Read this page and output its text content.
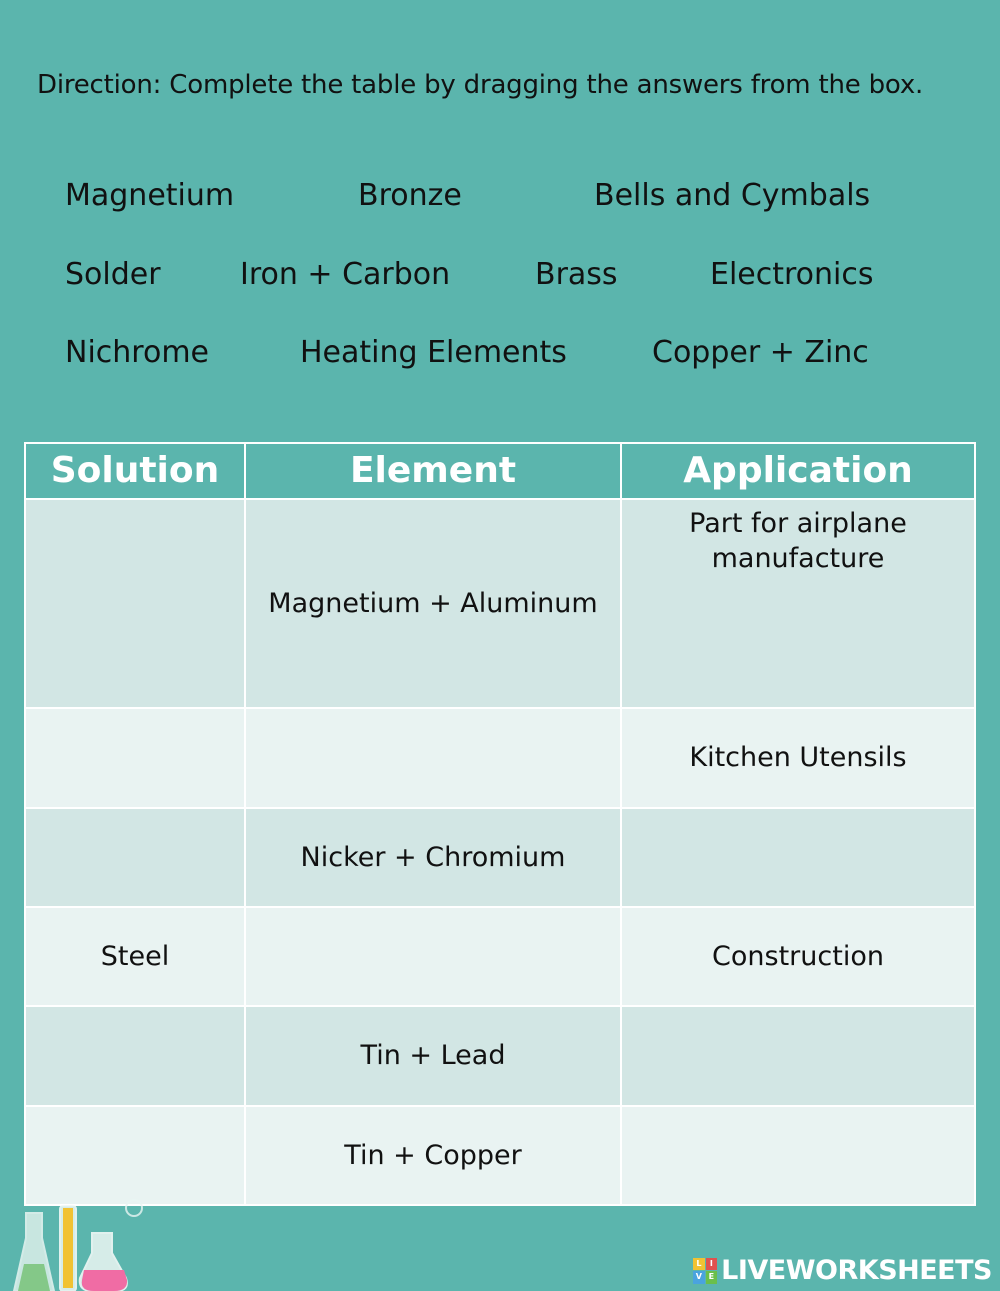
Direction: Complete the table by dragging the answers from the box.
Magnetium	Bronze	Bells and Cymbals
Solder	Iron + Carbon	Brass	Electronics
Nichrome	Heating Elements	Copper + Zinc
Solution	Element	Application
	Magnetium + Aluminum	Part for airplane manufacture
		Kitchen Utensils
	Nicker + Chromium	
Steel		Construction
	Tin + Lead	
	Tin + Copper	
L	I
V E LIVEWORKSHEETS
